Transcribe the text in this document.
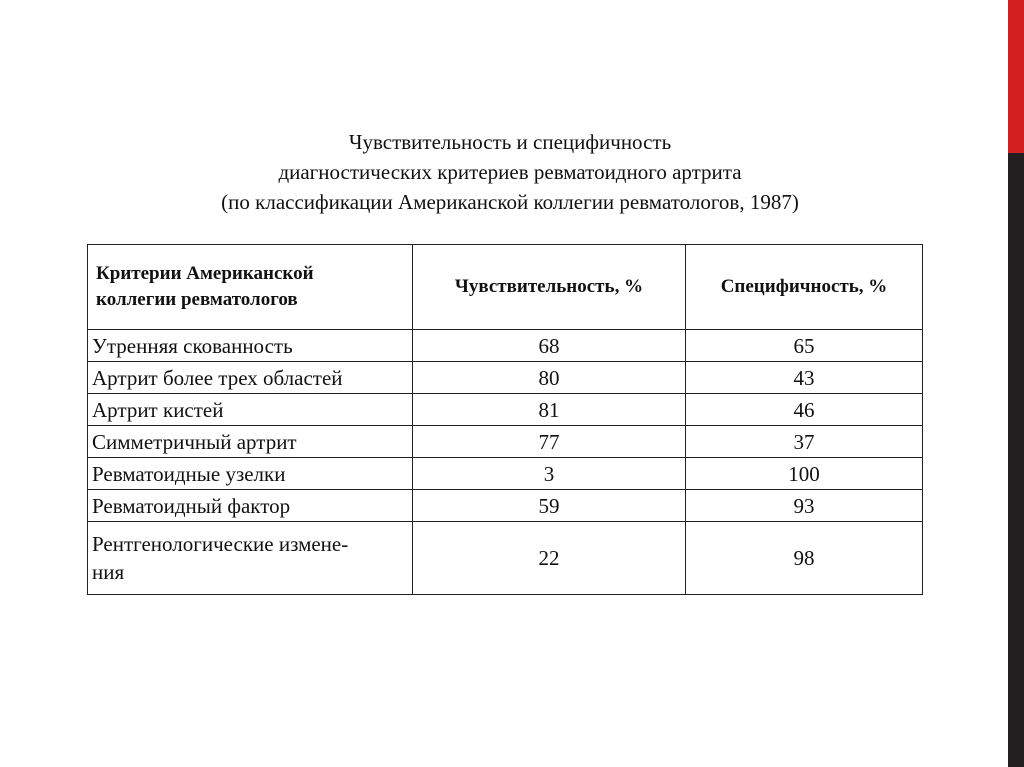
Чувствительность и специфичность
диагностических критериев ревматоидного артрита
(по классификации Американской коллегии ревматологов, 1987)
Критерии Американской
коллегии ревматологов	Чувствительность, %	Специфичность, %
Утренняя скованность	68	65
Артрит более трех областей	80	43
Артрит кистей	81	46
Симметричный артрит	77	37
Ревматоидные узелки	3	100
Ревматоидный фактор	59	93

Рентгенологические измене-
ния	22	98
